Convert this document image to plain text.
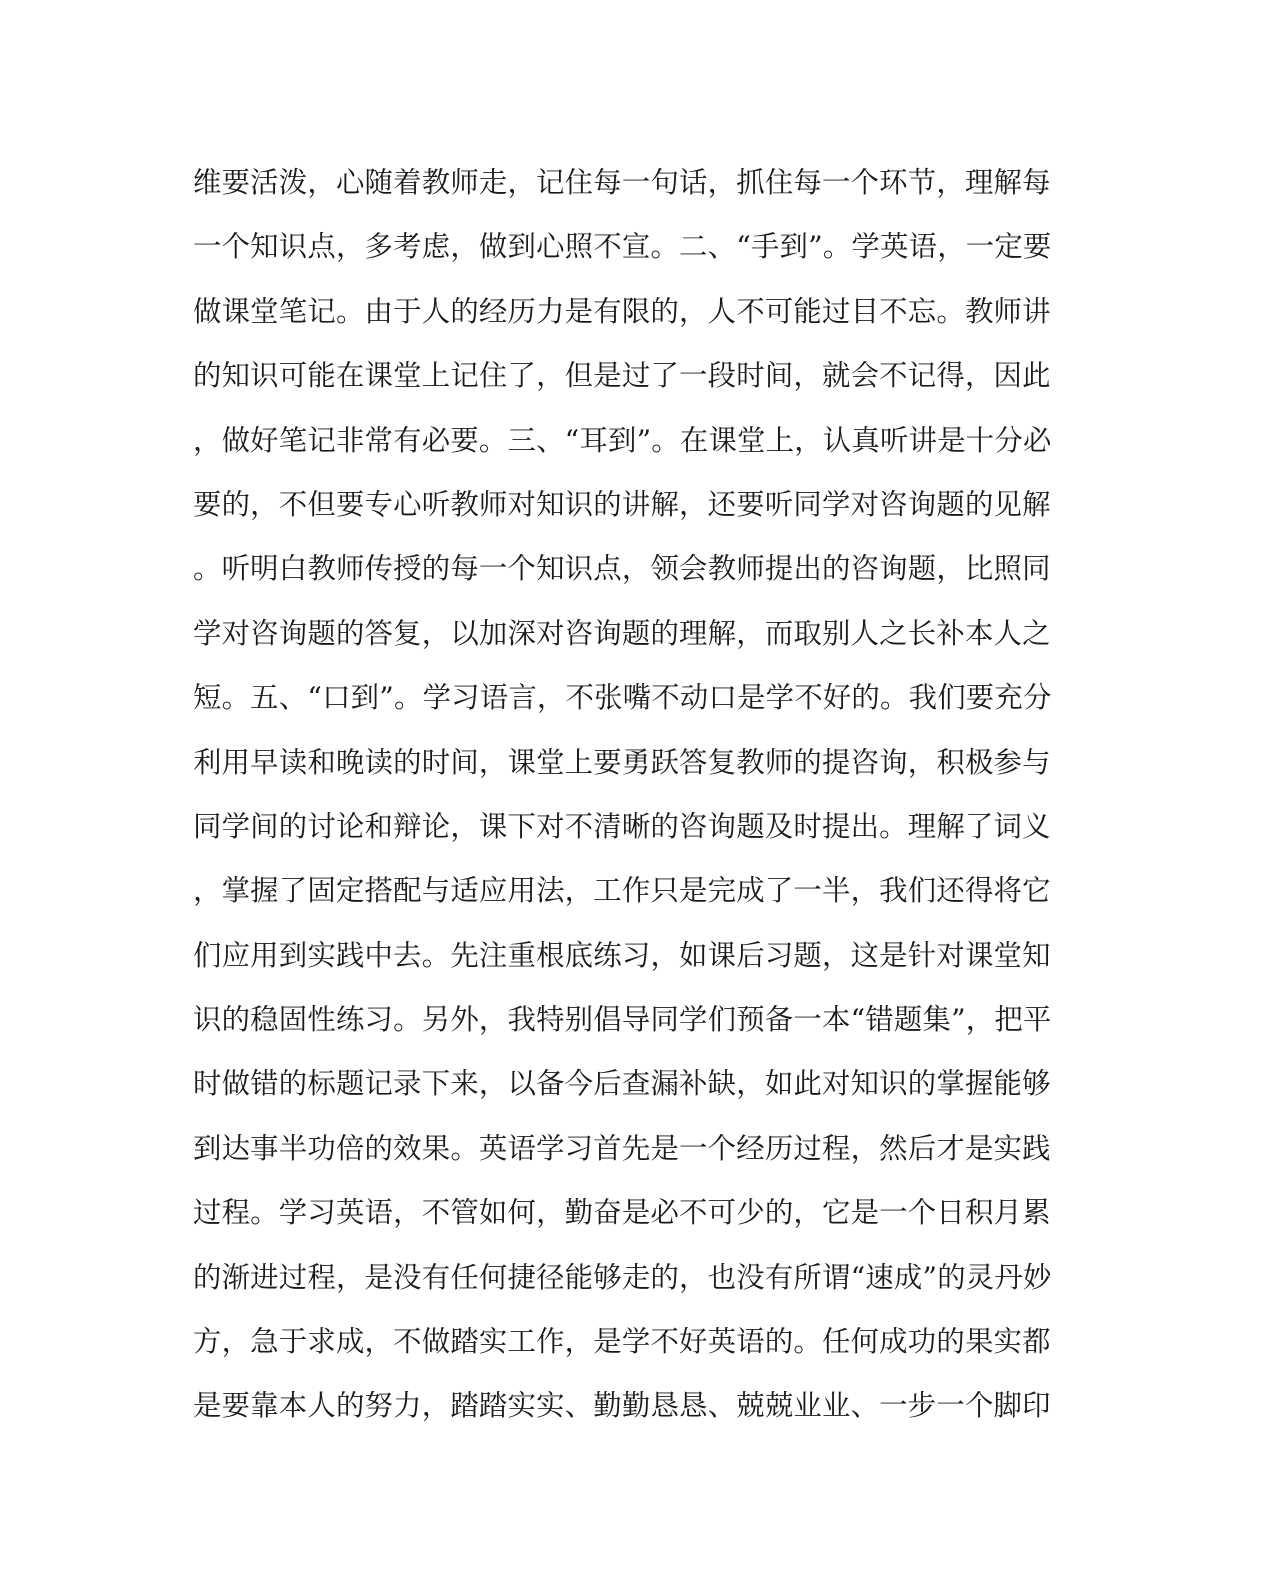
维要活泼，心随着教师走，记住每一句话，抓住每一个环节，理解每
一个知识点，多考虑，做到心照不宣。二、“手到”。学英语，一定要
做课堂笔记。由于人的经历力是有限的，人不可能过目不忘。教师讲
的知识可能在课堂上记住了，但是过了一段时间，就会不记得，因此
，做好笔记非常有必要。三、“耳到”。在课堂上，认真听讲是十分必
要的，不但要专心听教师对知识的讲解，还要听同学对咨询题的见解
。听明白教师传授的每一个知识点，领会教师提出的咨询题，比照同
学对咨询题的答复，以加深对咨询题的理解，而取别人之长补本人之
短。五、“口到”。学习语言，不张嘴不动口是学不好的。我们要充分
利用早读和晚读的时间，课堂上要勇跃答复教师的提咨询，积极参与
同学间的讨论和辩论，课下对不清晰的咨询题及时提出。理解了词义
，掌握了固定搭配与适应用法，工作只是完成了一半，我们还得将它
们应用到实践中去。先注重根底练习，如课后习题，这是针对课堂知
识的稳固性练习。另外，我特别倡导同学们预备一本“错题集”，把平
时做错的标题记录下来，以备今后查漏补缺，如此对知识的掌握能够
到达事半功倍的效果。英语学习首先是一个经历过程，然后才是实践
过程。学习英语，不管如何，勤奋是必不可少的，它是一个日积月累
的渐进过程，是没有任何捷径能够走的，也没有所谓“速成”的灵丹妙
方，急于求成，不做踏实工作，是学不好英语的。任何成功的果实都
是要靠本人的努力，踏踏实实、勤勤恳恳、兢兢业业、一步一个脚印
